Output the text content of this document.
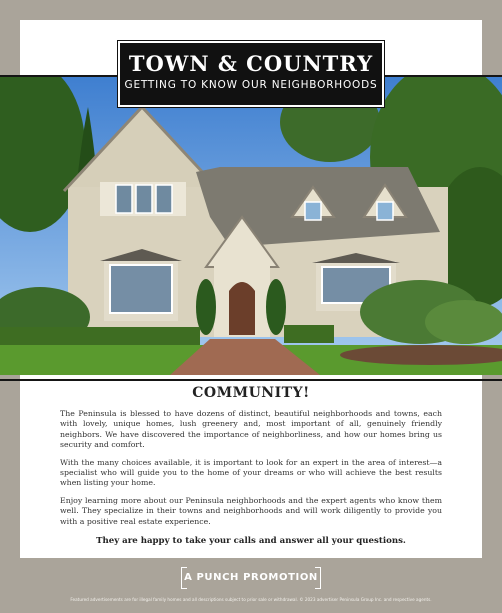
TOWN & COUNTRY
GETTING TO KNOW OUR NEIGHBORHOODS
COMMUNITY!

The Peninsula is blessed to have dozens of distinct, beautiful neighborhoods and towns, each with lovely, unique homes, lush greenery and, most important of all, genuinely friendly neighbors. We have discovered the importance of neighborliness, and how our homes bring us security and comfort.

With the many choices available, it is important to look for an expert in the area of interest—a specialist who will guide you to the home of your dreams or who will achieve the best results when listing your home.

Enjoy learning more about our Peninsula neighborhoods and the expert agents who know them well. They specialize in their towns and neighborhoods and will work diligently to provide you with a positive real estate experience.

They are happy to take your calls and answer all your questions.
A PUNCH PROMOTION
Featured advertisements are for illegal family homes and all descriptions subject to prior sale or withdrawal. © 2023 advertiser Peninsula Group Inc. and respective agents.
